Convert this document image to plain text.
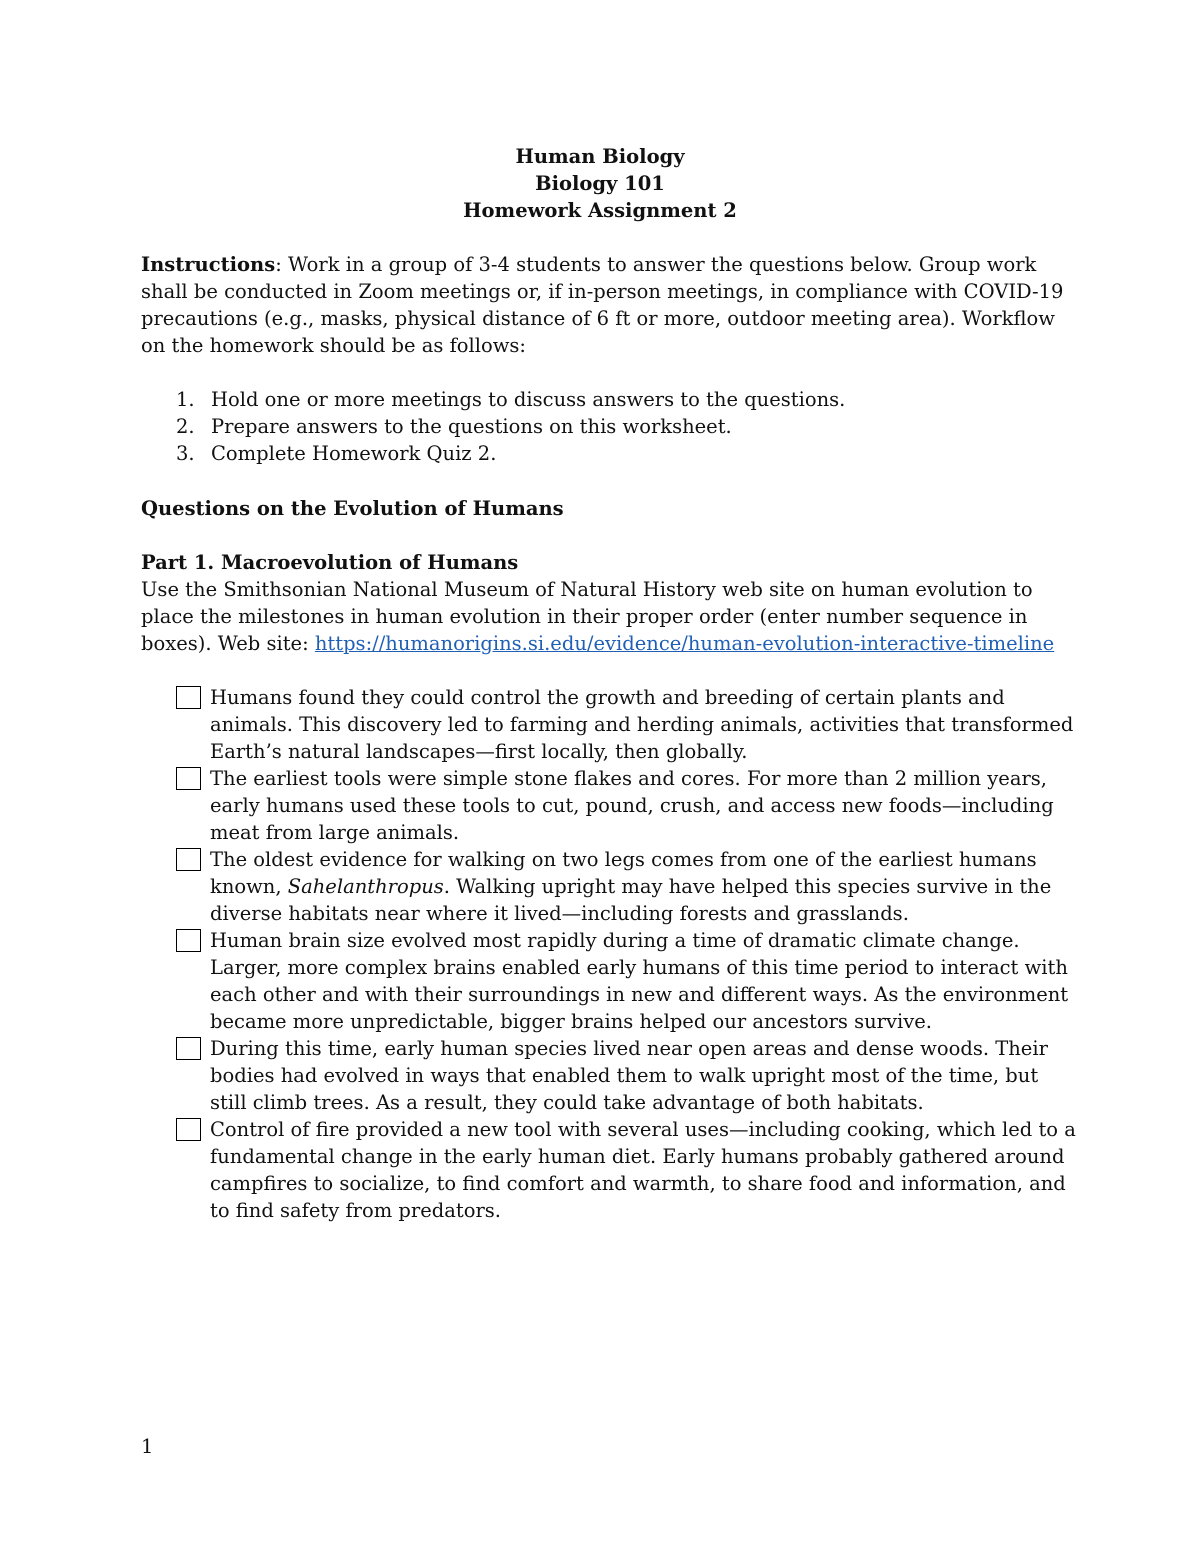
Human Biology
Biology 101
Homework Assignment 2
Instructions: Work in a group of 3-4 students to answer the questions below. Group work shall be conducted in Zoom meetings or, if in-person meetings, in compliance with COVID-19 precautions (e.g., masks, physical distance of 6 ft or more, outdoor meeting area). Workflow on the homework should be as follows:
1. Hold one or more meetings to discuss answers to the questions.
2. Prepare answers to the questions on this worksheet.
3. Complete Homework Quiz 2.
Questions on the Evolution of Humans
Part 1. Macroevolution of Humans
Use the Smithsonian National Museum of Natural History web site on human evolution to place the milestones in human evolution in their proper order (enter number sequence in boxes). Web site: https://humanorigins.si.edu/evidence/human-evolution-interactive-timeline
Humans found they could control the growth and breeding of certain plants and animals. This discovery led to farming and herding animals, activities that transformed Earth’s natural landscapes—first locally, then globally.
The earliest tools were simple stone flakes and cores. For more than 2 million years, early humans used these tools to cut, pound, crush, and access new foods—including meat from large animals.
The oldest evidence for walking on two legs comes from one of the earliest humans known, Sahelanthropus. Walking upright may have helped this species survive in the diverse habitats near where it lived—including forests and grasslands.
Human brain size evolved most rapidly during a time of dramatic climate change. Larger, more complex brains enabled early humans of this time period to interact with each other and with their surroundings in new and different ways. As the environment became more unpredictable, bigger brains helped our ancestors survive.
During this time, early human species lived near open areas and dense woods. Their bodies had evolved in ways that enabled them to walk upright most of the time, but still climb trees. As a result, they could take advantage of both habitats.
Control of fire provided a new tool with several uses—including cooking, which led to a fundamental change in the early human diet. Early humans probably gathered around campfires to socialize, to find comfort and warmth, to share food and information, and to find safety from predators.
1
